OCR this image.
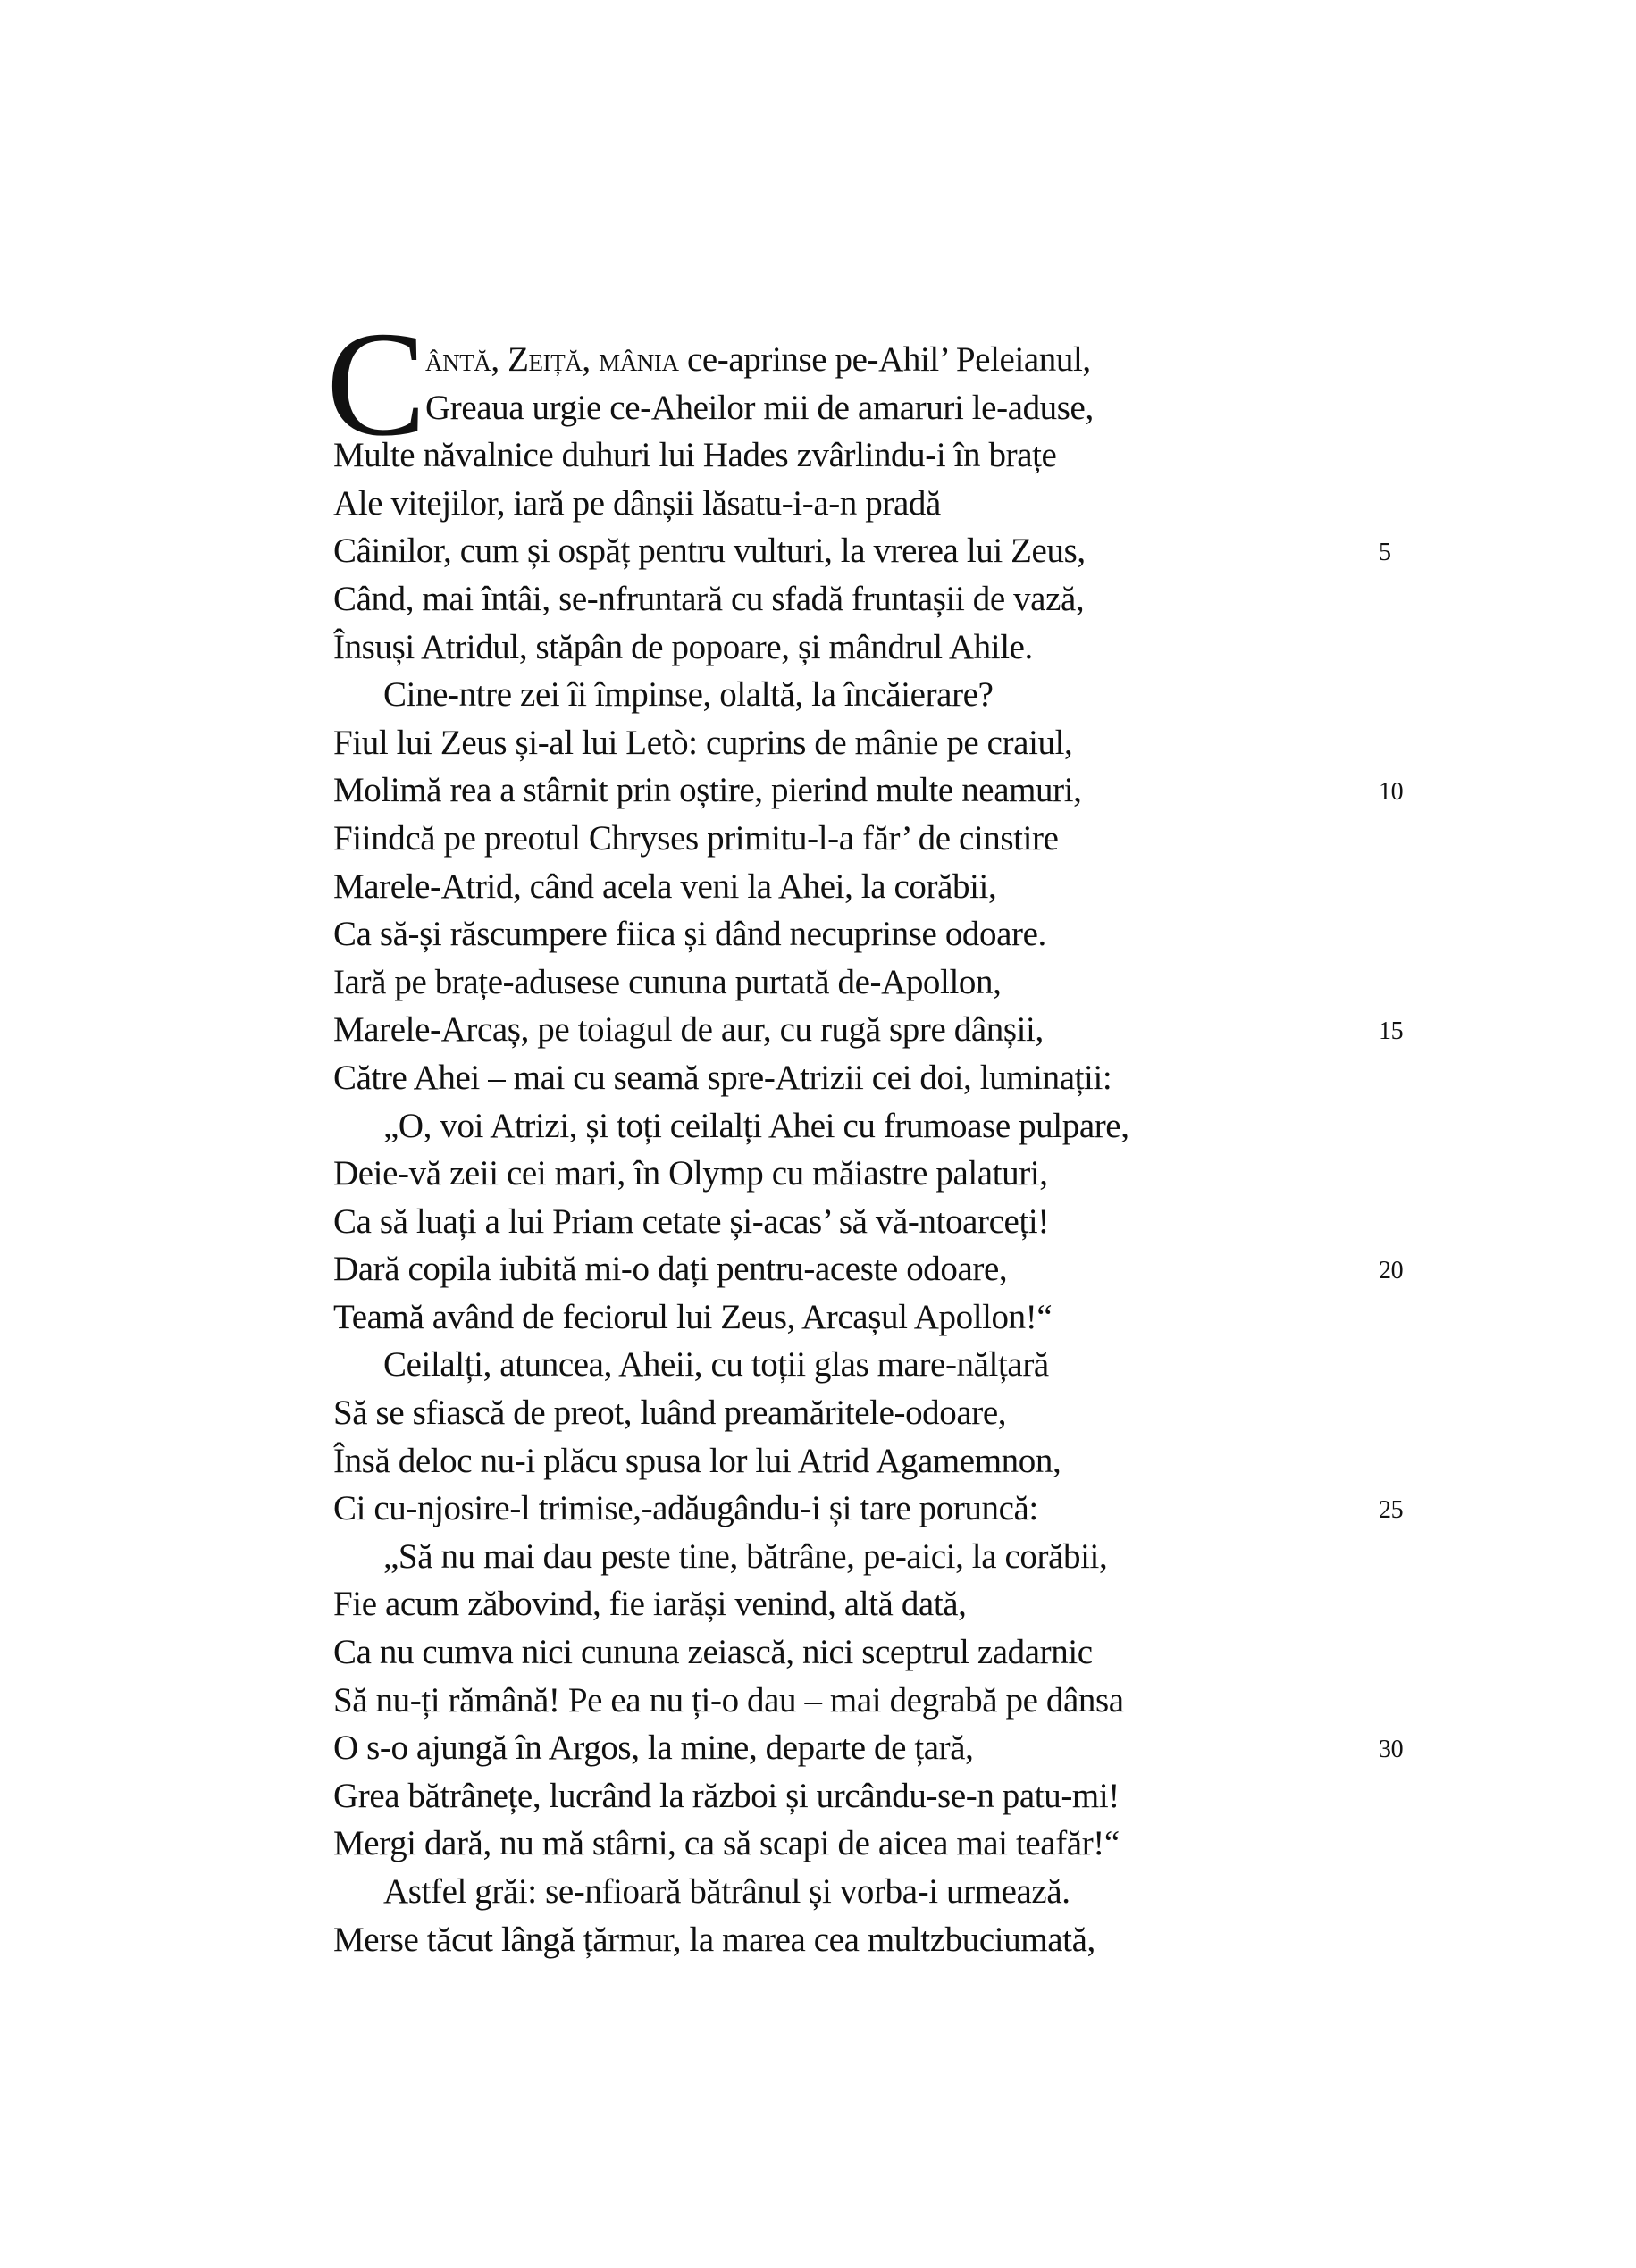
C
ântă, Zeiță, mânia ce-aprinse pe-Ahil’ Peleianul,
Greaua urgie ce-Aheilor mii de amaruri le-aduse,
Multe năvalnice duhuri lui Hades zvârlindu-i în brațe
Ale vitejilor, iară pe dânșii lăsatu-i-a-n pradă
Câinilor, cum și ospăț pentru vulturi, la vrerea lui Zeus,	5
Când, mai întâi, se-nfruntară cu sfadă fruntașii de vază,
Însuși Atridul, stăpân de popoare, și mândrul Ahile.
Cine-ntre zei îi împinse, olaltă, la încăierare?
Fiul lui Zeus și-al lui Letò: cuprins de mânie pe craiul,
Molimă rea a stârnit prin oștire, pierind multe neamuri,	10
Fiindcă pe preotul Chryses primitu-l-a făr’ de cinstire
Marele-Atrid, când acela veni la Ahei, la corăbii,
Ca să-și răscumpere fiica și dând necuprinse odoare.
Iară pe brațe-adusese cununa purtată de-Apollon,
Marele-Arcaș, pe toiagul de aur, cu rugă spre dânșii,	15
Către Ahei – mai cu seamă spre-Atrizii cei doi, luminații:
„O, voi Atrizi, și toți ceilalți Ahei cu frumoase pulpare,
Deie-vă zeii cei mari, în Olymp cu măiastre palaturi,
Ca să luați a lui Priam cetate și-acas’ să vă-ntoarceți!
Dară copila iubită mi-o dați pentru-aceste odoare,	20
Teamă având de feciorul lui Zeus, Arcașul Apollon!“
Ceilalți, atuncea, Aheii, cu toții glas mare-nălțară
Să se sfiască de preot, luând preamăritele-odoare,
Însă deloc nu-i plăcu spusa lor lui Atrid Agamemnon,
Ci cu-njosire-l trimise,-adăugându-i și tare poruncă:	25
„Să nu mai dau peste tine, bătrâne, pe-aici, la corăbii,
Fie acum zăbovind, fie iarăși venind, altă dată,
Ca nu cumva nici cununa zeiască, nici sceptrul zadarnic
Să nu-ți rămână! Pe ea nu ți-o dau – mai degrabă pe dânsa
O s-o ajungă în Argos, la mine, departe de țară,	30
Grea bătrânețe, lucrând la război și urcându-se-n patu-mi!
Mergi dară, nu mă stârni, ca să scapi de aicea mai teafăr!“
Astfel grăi: se-nfioară bătrânul și vorba-i urmează.
Merse tăcut lângă țărmur, la marea cea multzbuciumată,
